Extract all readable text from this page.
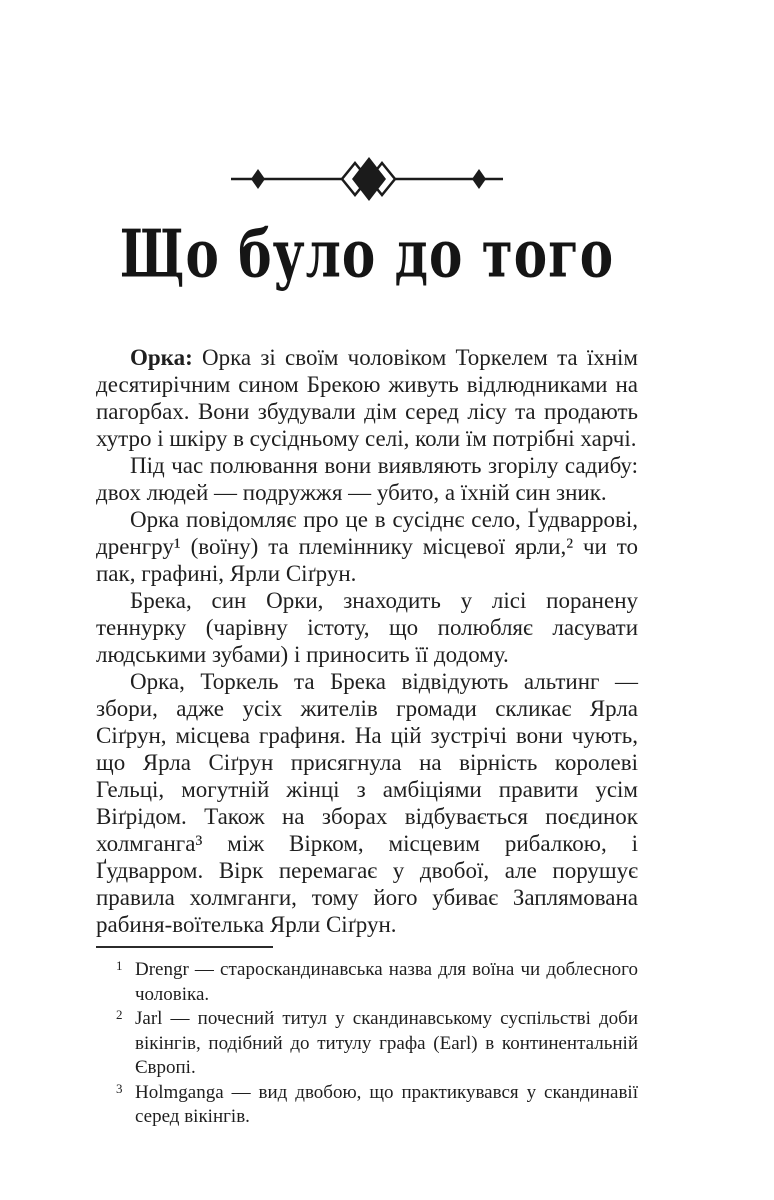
Що було до того

Орка: Орка зі своїм чоловіком Торкелем та їхнім десятирічним сином Брекою живуть відлюдниками на пагорбах. Вони збудували дім серед лісу та продають хутро і шкіру в сусідньому селі, коли їм потрібні харчі.

Під час полювання вони виявляють згорілу садибу: двох людей — подружжя — убито, а їхній син зник.

Орка повідомляє про це в сусіднє село, Ґудваррові, дренгру¹ (воїну) та племіннику місцевої ярли,² чи то пак, графині, Ярли Сіґрун.

Брека, син Орки, знаходить у лісі поранену теннурку (чарівну істоту, що полюбляє ласувати людськими зубами) і приносить її додому.

Орка, Торкель та Брека відвідують альтинг — збори, адже усіх жителів громади скликає Ярла Сіґрун, місцева графиня. На цій зустрічі вони чують, що Ярла Сіґрун присягнула на вірність королеві Гельці, могутній жінці з амбіціями правити усім Віґрідом. Також на зборах відбувається поєдинок холмганга³ між Вірком, місцевим рибалкою, і Ґудварром. Вірк перемагає у двобої, але порушує правила холмганги, тому його убиває Заплямована рабиня-воїтелька Ярли Сіґрун.

1 Drengr — староскандинавська назва для воїна чи доблесного чоловіка.
2 Jarl — почесний титул у скандинавському суспільстві доби вікінгів, подібний до титулу графа (Earl) в континентальній Європі.
3 Holmganga — вид двобою, що практикувався у скандинавії серед вікінгів.
